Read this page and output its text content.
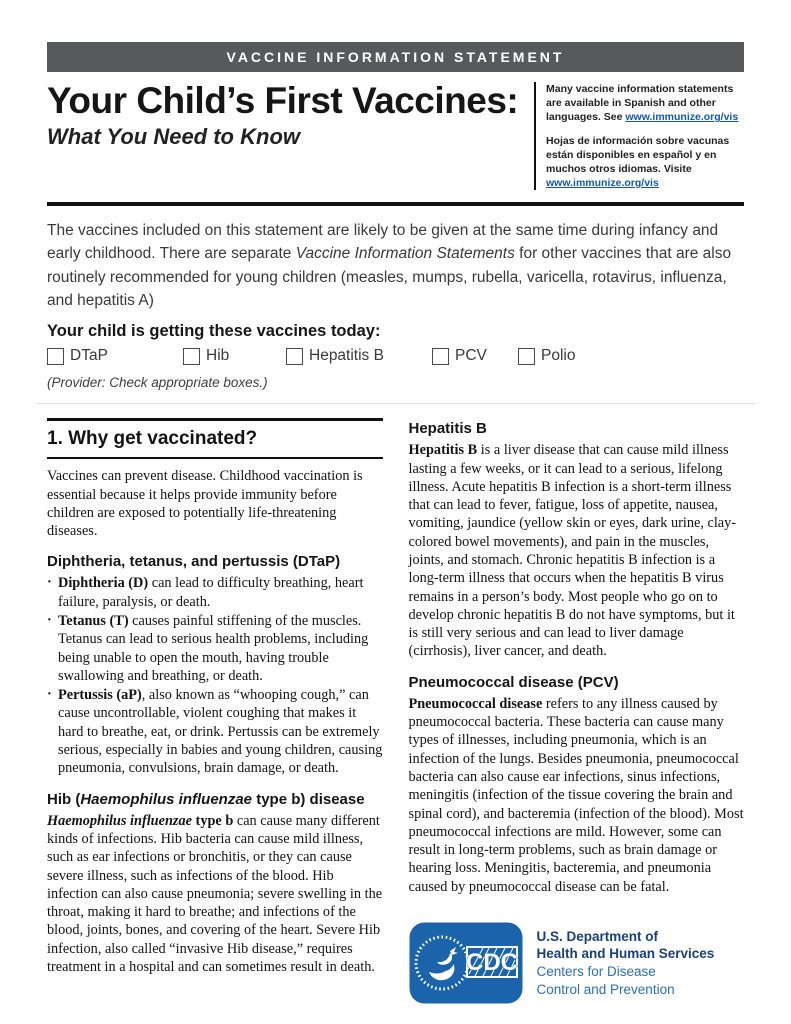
VACCINE INFORMATION STATEMENT
Your Child’s First Vaccines:

What You Need to Know

Many vaccine information statements are available in Spanish and other languages. See www.immunize.org/vis

Hojas de información sobre vacunas están disponibles en español y en muchos otros idiomas. Visite www.immunize.org/vis

The vaccines included on this statement are likely to be given at the same time during infancy and early childhood. There are separate Vaccine Information Statements for other vaccines that are also routinely recommended for young children (measles, mumps, rubella, varicella, rotavirus, influenza, and hepatitis A)

Your child is getting these vaccines today:

DTaP	Hib	Hepatitis B	PCV	Polio

(Provider: Check appropriate boxes.)

1. Why get vaccinated?

Vaccines can prevent disease. Childhood vaccination is essential because it helps provide immunity before children are exposed to potentially life-threatening diseases.

Diphtheria, tetanus, and pertussis (DTaP)
· Diphtheria (D) can lead to difficulty breathing, heart failure, paralysis, or death.
· Tetanus (T) causes painful stiffening of the muscles. Tetanus can lead to serious health problems, including being unable to open the mouth, having trouble swallowing and breathing, or death.
· Pertussis (aP), also known as “whooping cough,” can cause uncontrollable, violent coughing that makes it hard to breathe, eat, or drink. Pertussis can be extremely serious, especially in babies and young children, causing pneumonia, convulsions, brain damage, or death.
Hib (Haemophilus influenzae type b) disease

Haemophilus influenzae type b can cause many different kinds of infections. Hib bacteria can cause mild illness, such as ear infections or bronchitis, or they can cause severe illness, such as infections of the blood. Hib infection can also cause pneumonia; severe swelling in the throat, making it hard to breathe; and infections of the blood, joints, bones, and covering of the heart. Severe Hib infection, also called “invasive Hib disease,” requires treatment in a hospital and can sometimes result in death.

Hepatitis B

Hepatitis B is a liver disease that can cause mild illness lasting a few weeks, or it can lead to a serious, lifelong illness. Acute hepatitis B infection is a short-term illness that can lead to fever, fatigue, loss of appetite, nausea, vomiting, jaundice (yellow skin or eyes, dark urine, clay-colored bowel movements), and pain in the muscles, joints, and stomach. Chronic hepatitis B infection is a long-term illness that occurs when the hepatitis B virus remains in a person’s body. Most people who go on to develop chronic hepatitis B do not have symptoms, but it is still very serious and can lead to liver damage (cirrhosis), liver cancer, and death.

Pneumococcal disease (PCV)

Pneumococcal disease refers to any illness caused by pneumococcal bacteria. These bacteria can cause many types of illnesses, including pneumonia, which is an infection of the lungs. Besides pneumonia, pneumococcal bacteria can also cause ear infections, sinus infections, meningitis (infection of the tissue covering the brain and spinal cord), and bacteremia (infection of the blood). Most pneumococcal infections are mild. However, some can result in long-term problems, such as brain damage or hearing loss. Meningitis, bacteremia, and pneumonia caused by pneumococcal disease can be fatal.

CDC
U.S. Department of
Health and Human Services
Centers for Disease
Control and Prevention
